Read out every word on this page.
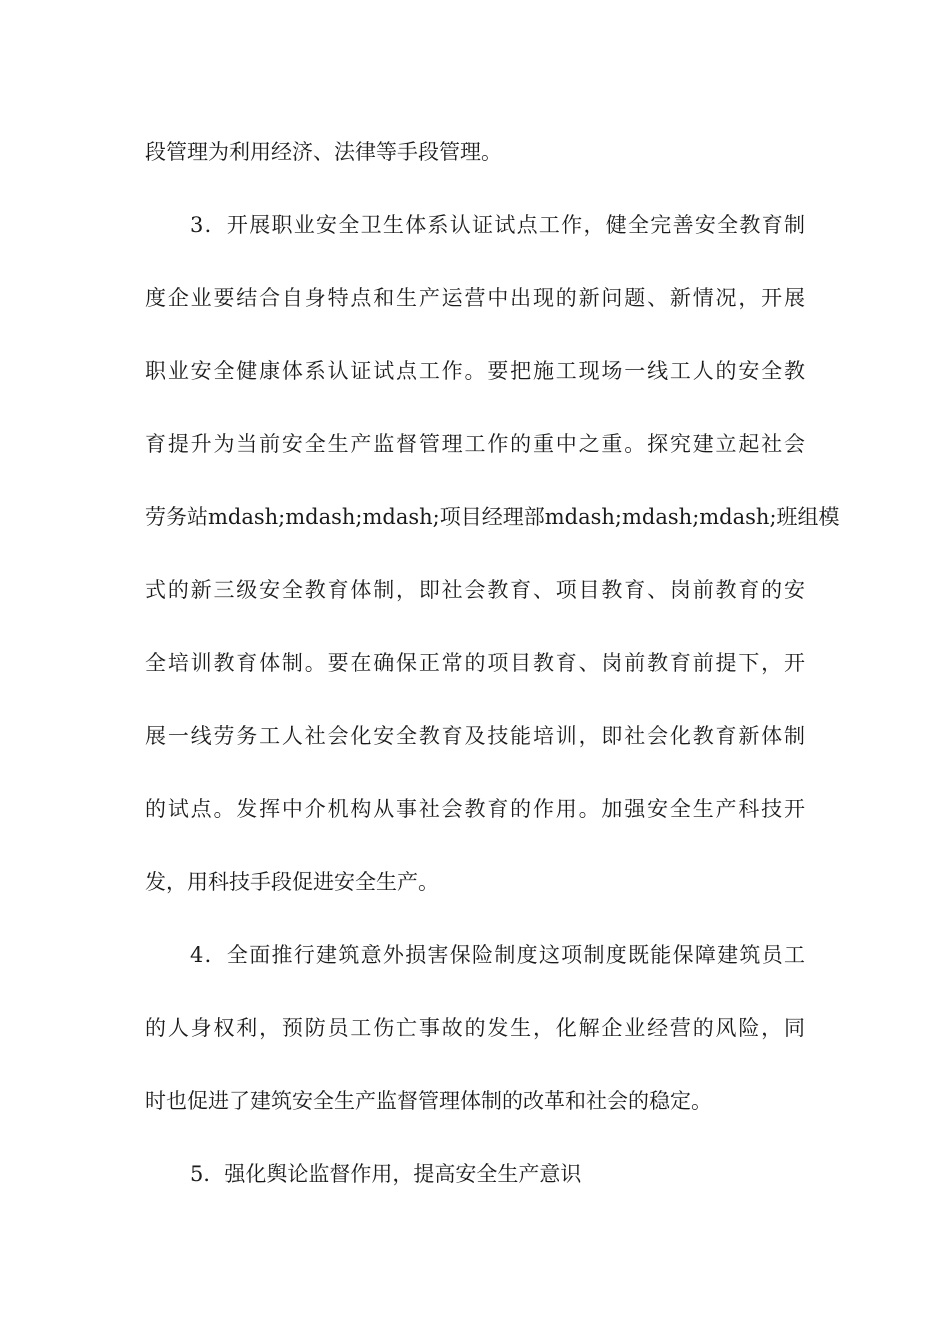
段管理为利用经济、法律等手段管理。
3．开展职业安全卫生体系认证试点工作，健全完善安全教育制
度企业要结合自身特点和生产运营中出现的新问题、新情况，开展
职业安全健康体系认证试点工作。要把施工现场一线工人的安全教
育提升为当前安全生产监督管理工作的重中之重。探究建立起社会
劳务站mdash;mdash;mdash;项目经理部mdash;mdash;mdash;班组模
式的新三级安全教育体制，即社会教育、项目教育、岗前教育的安
全培训教育体制。要在确保正常的项目教育、岗前教育前提下，开
展一线劳务工人社会化安全教育及技能培训，即社会化教育新体制
的试点。发挥中介机构从事社会教育的作用。加强安全生产科技开
发，用科技手段促进安全生产。
4．全面推行建筑意外损害保险制度这项制度既能保障建筑员工
的人身权利，预防员工伤亡事故的发生，化解企业经营的风险，同
时也促进了建筑安全生产监督管理体制的改革和社会的稳定。
5．强化舆论监督作用，提高安全生产意识
